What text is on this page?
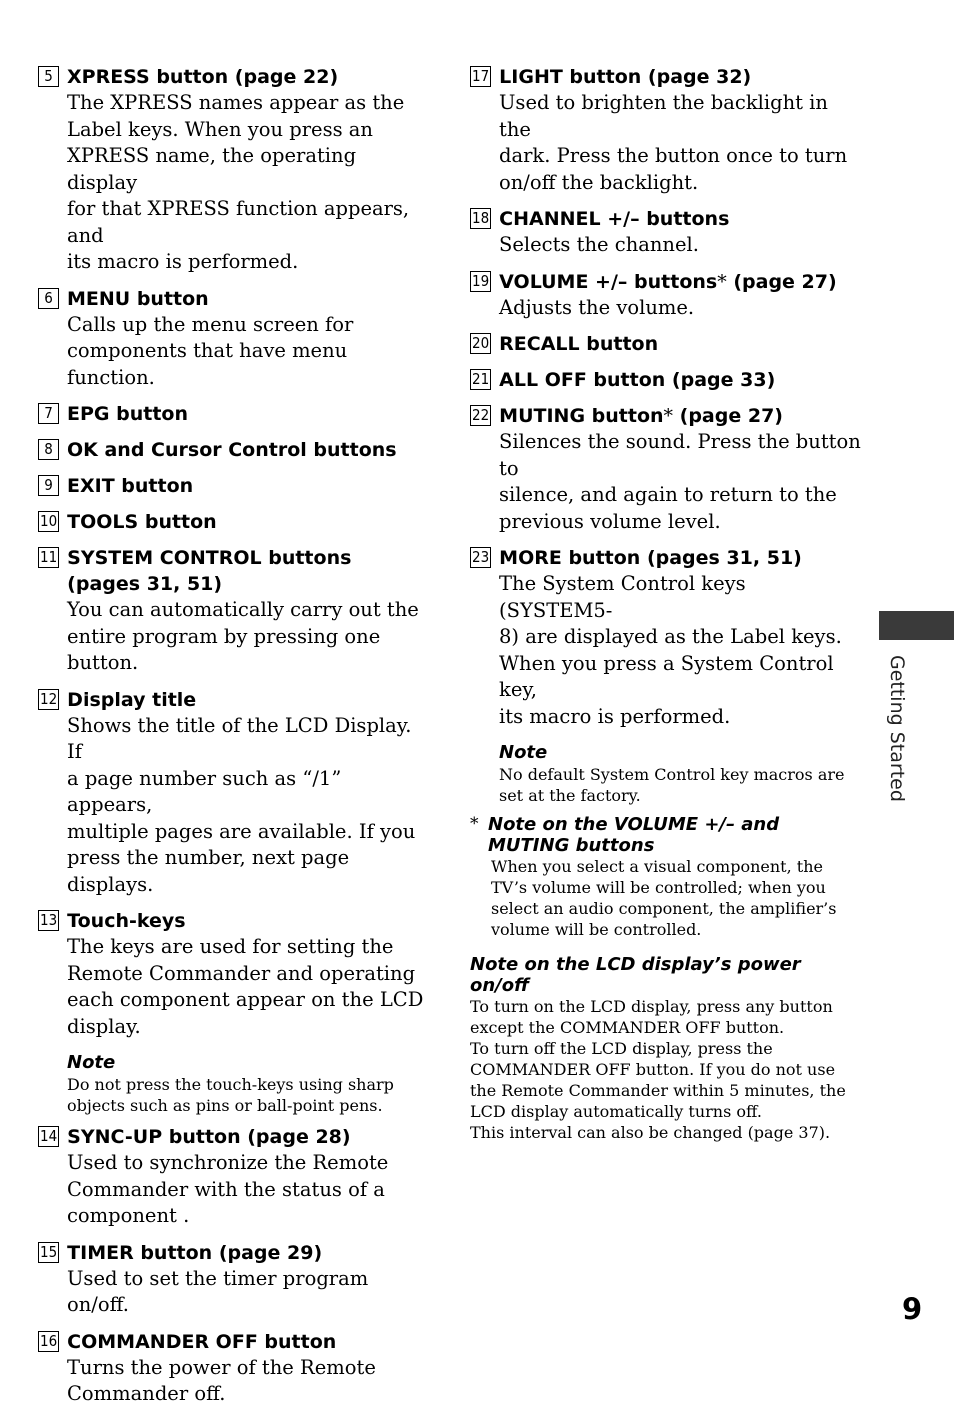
5 XPRESS button (page 22)
The XPRESS names appear as the
Label keys. When you press an
XPRESS name, the operating display
for that XPRESS function appears, and
its macro is performed.
6 MENU button
Calls up the menu screen for
components that have menu function.
7 EPG button
8 OK and Cursor Control buttons
9 EXIT button
10 TOOLS button
11 SYSTEM CONTROL buttons
(pages 31, 51)
You can automatically carry out the
entire program by pressing one
button.
12 Display title
Shows the title of the LCD Display. If
a page number such as “/1” appears,
multiple pages are available. If you
press the number, next page displays.
13 Touch-keys
The keys are used for setting the
Remote Commander and operating
each component appear on the LCD
display.
Note
Do not press the touch-keys using sharp
objects such as pins or ball-point pens.
14 SYNC-UP button (page 28)
Used to synchronize the Remote
Commander with the status of a
component .
15 TIMER button (page 29)
Used to set the timer program on/off.
16 COMMANDER OFF button
Turns the power of the Remote
Commander off.
17 LIGHT button (page 32)
Used to brighten the backlight in the
dark. Press the button once to turn
on/off the backlight.
18 CHANNEL +/– buttons
Selects the channel.
19 VOLUME +/– buttons* (page 27)
Adjusts the volume.
20 RECALL button
21 ALL OFF button (page 33)
22 MUTING button* (page 27)
Silences the sound. Press the button to
silence, and again to return to the
previous volume level.
23 MORE button (pages 31, 51)
The System Control keys (SYSTEM5-
8) are displayed as the Label keys.
When you press a System Control key,
its macro is performed.
Note
No default System Control key macros are
set at the factory.
* Note on the VOLUME +/– and
MUTING buttons
When you select a visual component, the
TV’s volume will be controlled; when you
select an audio component, the amplifier’s
volume will be controlled.
Note on the LCD display’s power
on/off
To turn on the LCD display, press any button
except the COMMANDER OFF button.
To turn off the LCD display, press the
COMMANDER OFF button. If you do not use
the Remote Commander within 5 minutes, the
LCD display automatically turns off.
This interval can also be changed (page 37).
Getting Started
9
